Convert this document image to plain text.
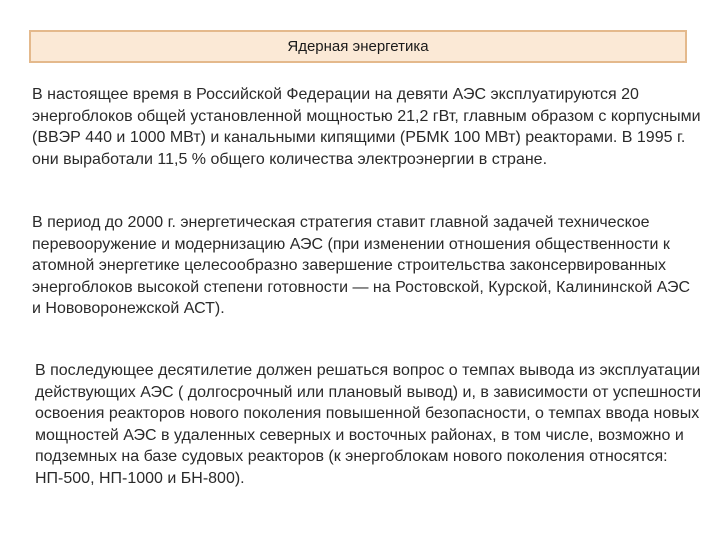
Ядерная энергетика

В настоящее время в Российской Федерации на девяти АЭС эксплуатируются 20 энергоблоков общей установленной мощностью 21,2 гВт, главным образом с корпусными (ВВЭР 440 и 1000 МВт) и канальными кипящими (РБМК 100 МВт) реакторами. В 1995 г. они выработали 11,5 % общего количества электроэнергии в стране.

В период до 2000 г. энергетическая стратегия ставит главной задачей техническое перевооружение и модернизацию АЭС (при изменении отношения общественности к атомной энергетике целесообразно завершение строительства законсервированных энергоблоков высокой степени готовности — на Ростовской, Курской, Калининской АЭС и Нововоронежской АСТ).

В последующее десятилетие должен решаться вопрос о темпах вывода из эксплуатации действующих АЭС ( долгосрочный или плановый вывод) и, в зависимости от успешности освоения реакторов нового поколения повышенной безопасности, о темпах ввода новых мощностей АЭС в удаленных северных и восточных районах, в том числе, возможно и подземных на базе судовых реакторов (к энергоблокам нового поколения относятся: НП-500, НП-1000 и БН-800).
